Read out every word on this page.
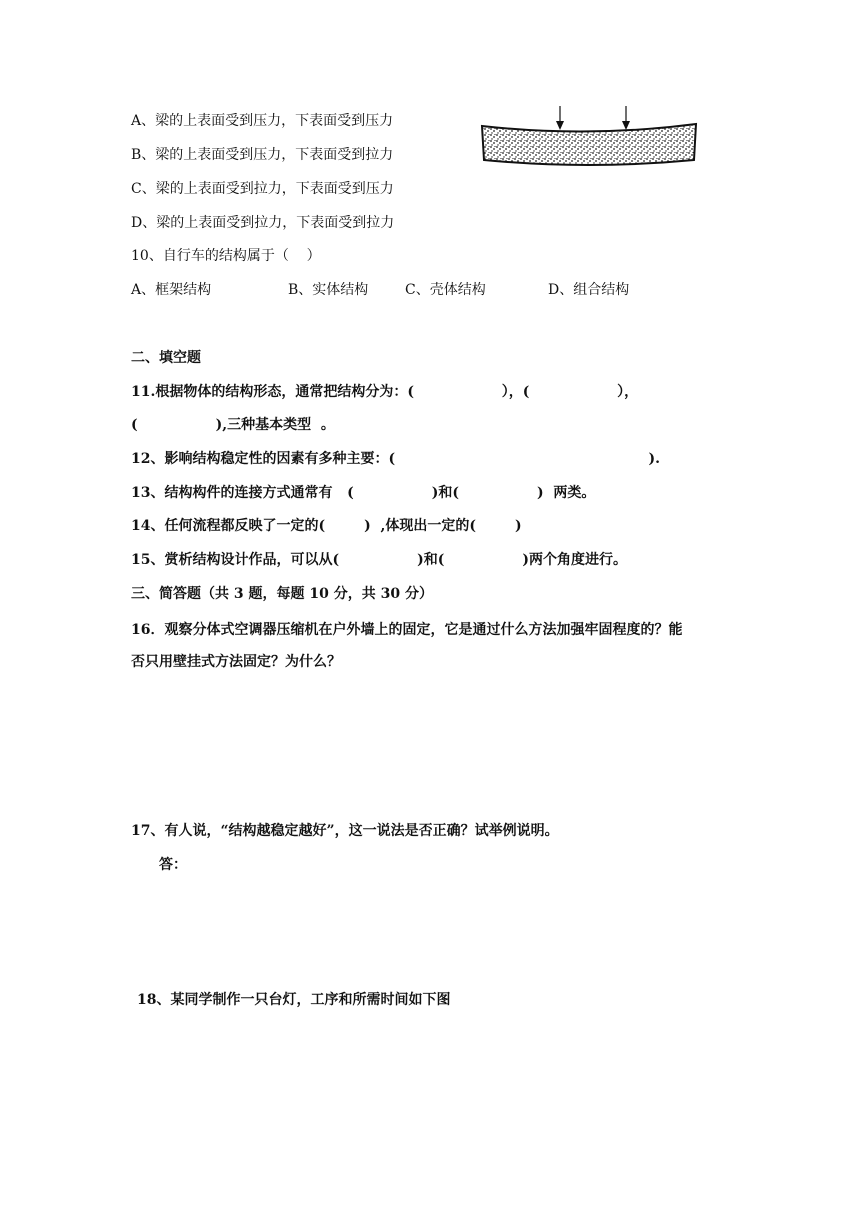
A、梁的上表面受到压力，下表面受到压力
B、梁的上表面受到压力，下表面受到拉力
C、梁的上表面受到拉力，下表面受到压力
D、梁的上表面受到拉力，下表面受到拉力
10、自行车的结构属于（    ）
A、框架结构	B、实体结构	C、壳体结构	D、组合结构
二、填空题
11.根据物体的结构形态，通常把结构分为：(                  ），(                  ），
(                ),三种基本类型  。
12、影响结构稳定性的因素有多种主要：(                                                    ).
13、结构构件的连接方式通常有   (                )和(                )  两类。
14、任何流程都反映了一定的(        )  ,体现出一定的(        )
15、赏析结构设计作品，可以从(                )和(                )两个角度进行。
三、简答题（共 3 题，每题 10 分，共 30 分）
16．观察分体式空调器压缩机在户外墙上的固定，它是通过什么方法加强牢固程度的？能
否只用壁挂式方法固定？为什么？
17、有人说，“结构越稳定越好”，这一说法是否正确？试举例说明。
答：
18、某同学制作一只台灯，工序和所需时间如下图
